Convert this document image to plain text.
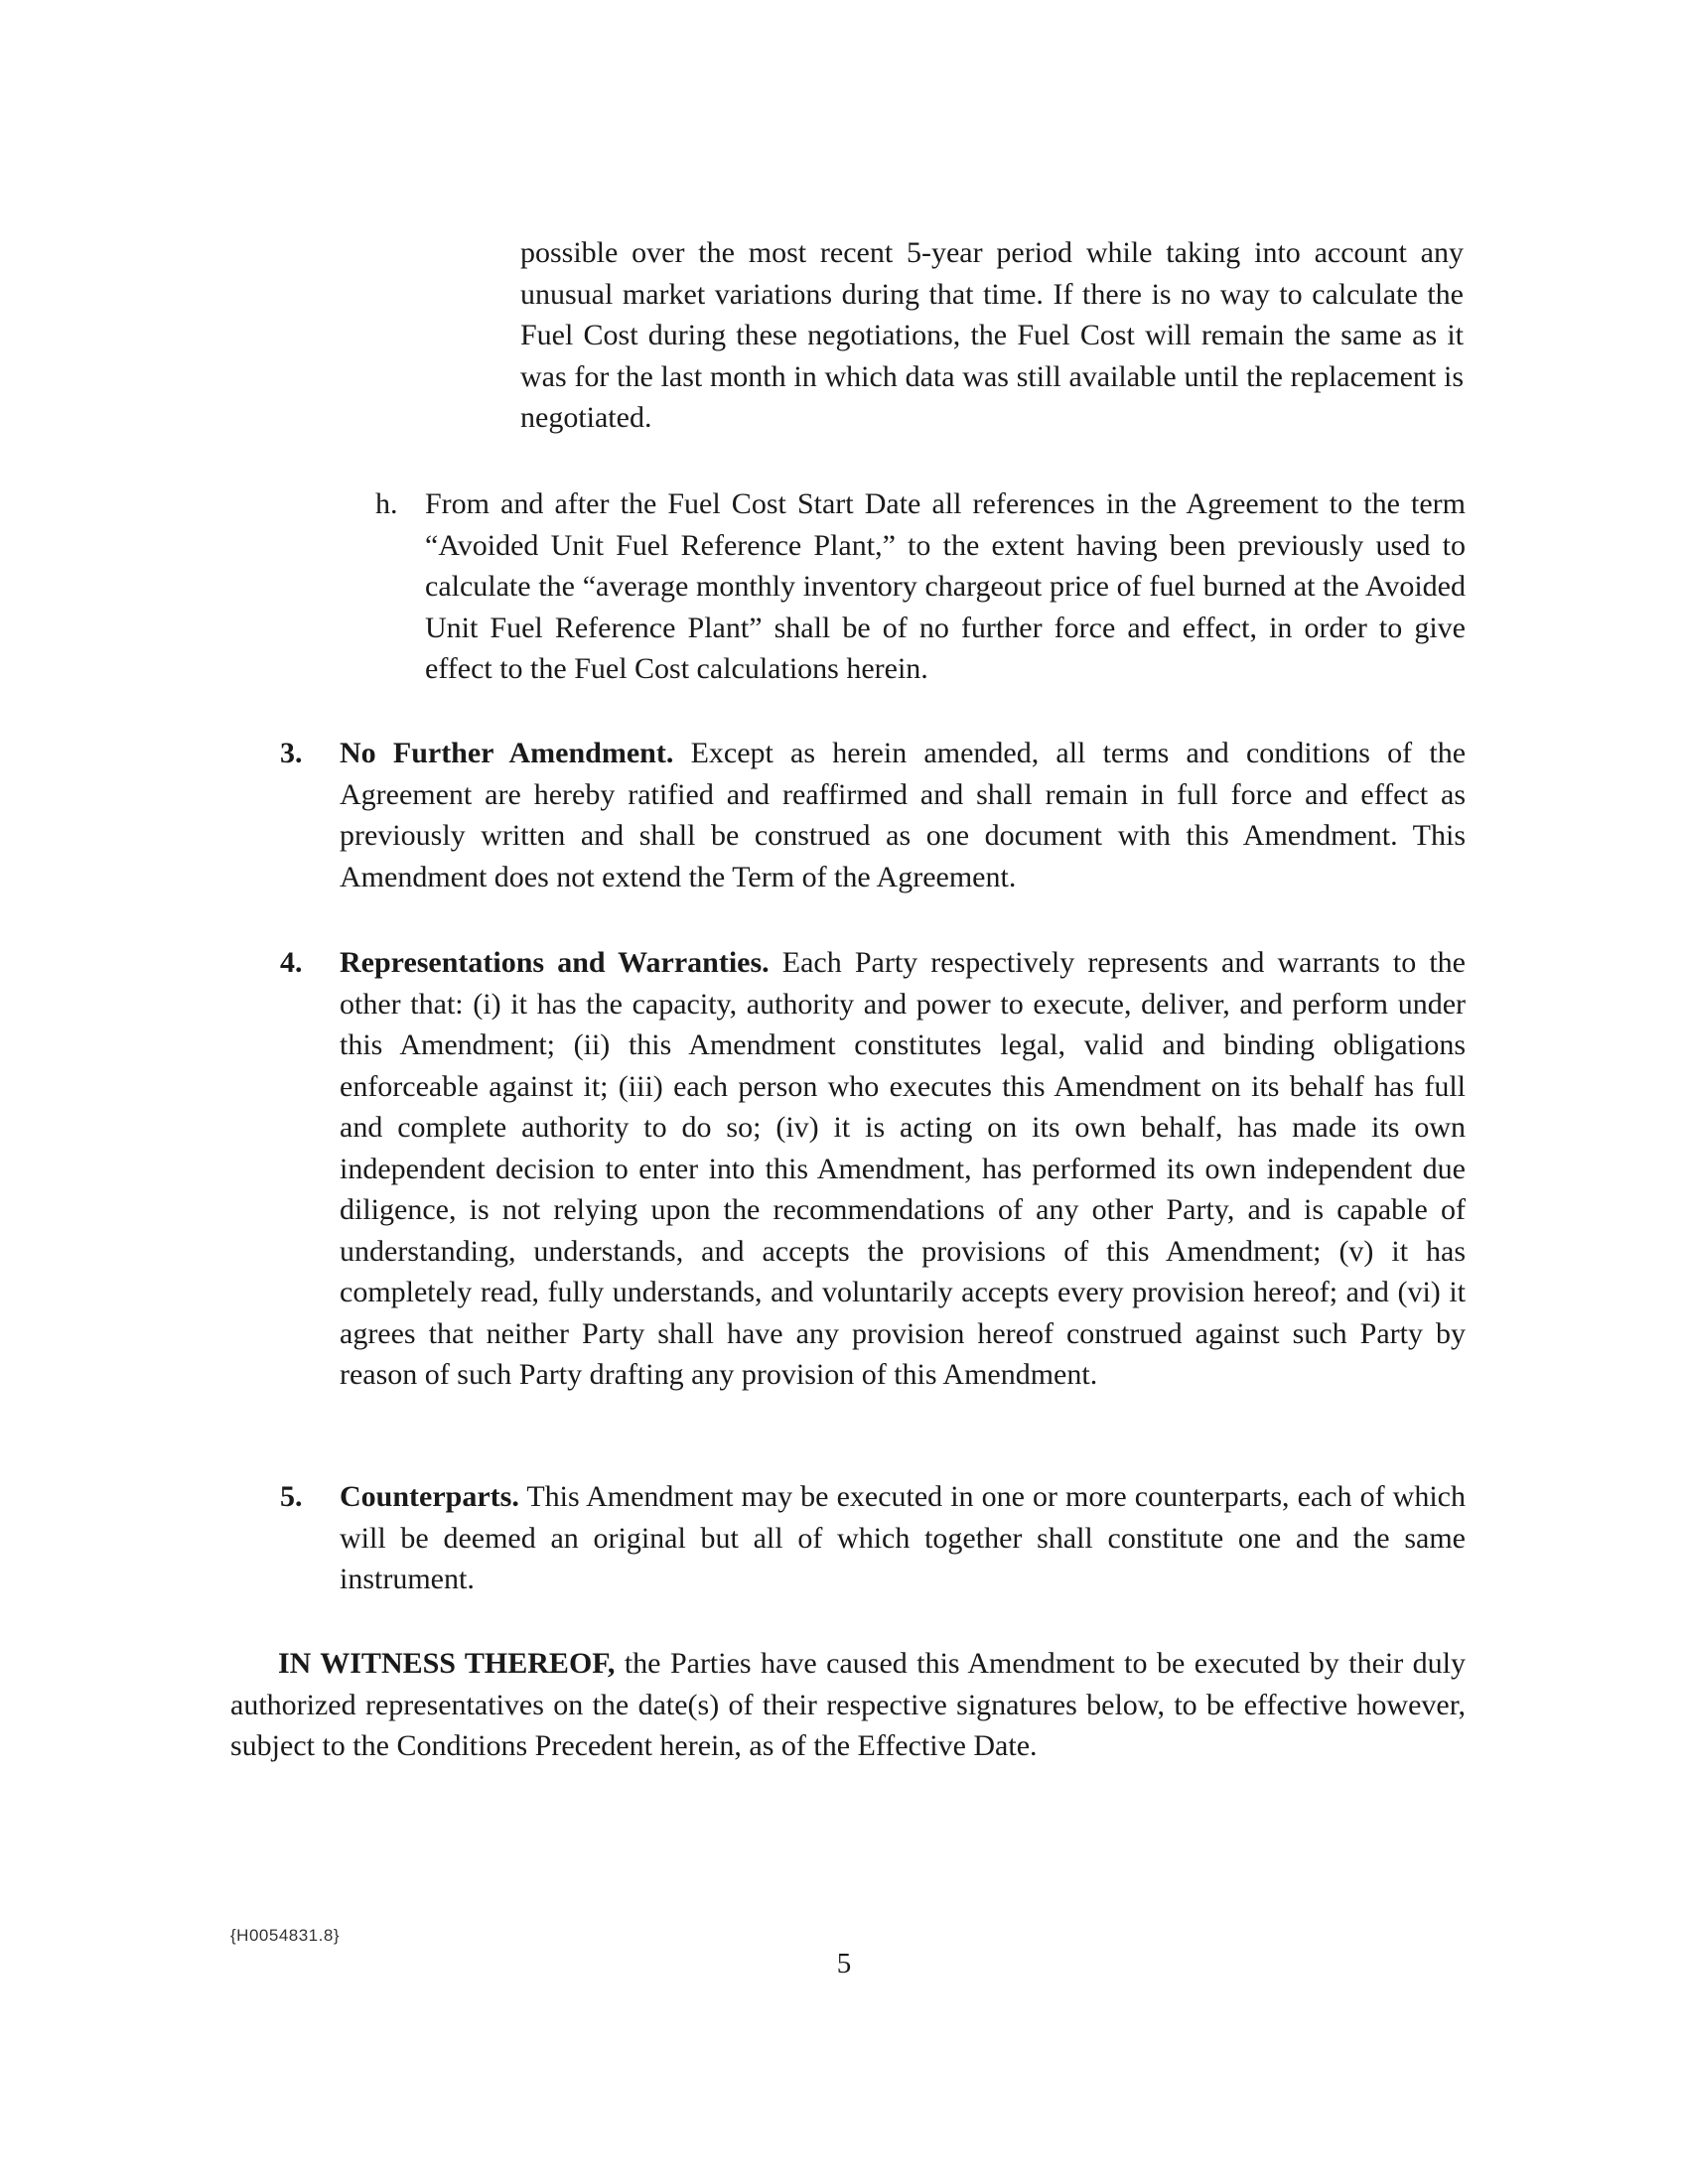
possible over the most recent 5-year period while taking into account any unusual market variations during that time. If there is no way to calculate the Fuel Cost during these negotiations, the Fuel Cost will remain the same as it was for the last month in which data was still available until the replacement is negotiated.

h. From and after the Fuel Cost Start Date all references in the Agreement to the term “Avoided Unit Fuel Reference Plant,” to the extent having been previously used to calculate the “average monthly inventory chargeout price of fuel burned at the Avoided Unit Fuel Reference Plant” shall be of no further force and effect, in order to give effect to the Fuel Cost calculations herein.
3. No Further Amendment. Except as herein amended, all terms and conditions of the Agreement are hereby ratified and reaffirmed and shall remain in full force and effect as previously written and shall be construed as one document with this Amendment. This Amendment does not extend the Term of the Agreement.
4. Representations and Warranties. Each Party respectively represents and warrants to the other that: (i) it has the capacity, authority and power to execute, deliver, and perform under this Amendment; (ii) this Amendment constitutes legal, valid and binding obligations enforceable against it; (iii) each person who executes this Amendment on its behalf has full and complete authority to do so; (iv) it is acting on its own behalf, has made its own independent decision to enter into this Amendment, has performed its own independent due diligence, is not relying upon the recommendations of any other Party, and is capable of understanding, understands, and accepts the provisions of this Amendment; (v) it has completely read, fully understands, and voluntarily accepts every provision hereof; and (vi) it agrees that neither Party shall have any provision hereof construed against such Party by reason of such Party drafting any provision of this Amendment.
5. Counterparts. This Amendment may be executed in one or more counterparts, each of which will be deemed an original but all of which together shall constitute one and the same instrument.

IN WITNESS THEREOF, the Parties have caused this Amendment to be executed by their duly authorized representatives on the date(s) of their respective signatures below, to be effective however, subject to the Conditions Precedent herein, as of the Effective Date.

{H0054831.8}
5
